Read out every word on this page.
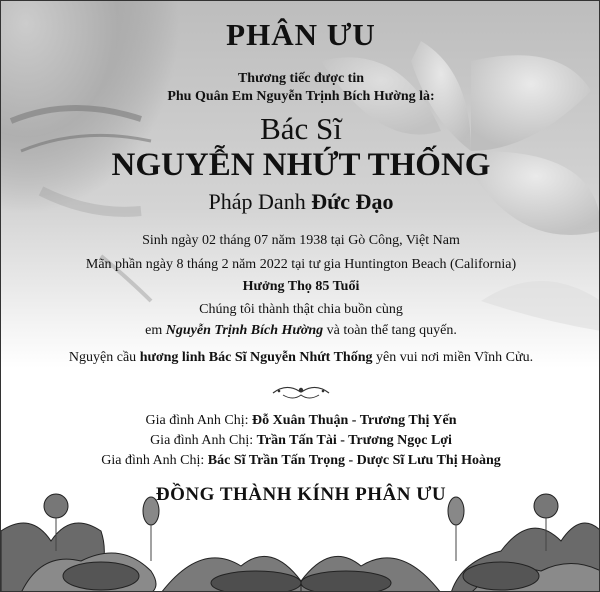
PHÂN ƯU
Thương tiếc được tin
Phu Quân Em Nguyễn Trịnh Bích Hường là:
Bác Sĩ
NGUYỄN NHỨT THỐNG
Pháp Danh Đức Đạo
Sinh ngày 02 tháng 07 năm 1938 tại Gò Công, Việt Nam
Mãn phần ngày 8 tháng 2 năm 2022 tại tư gia Huntington Beach (California)
Hưởng Thọ 85 Tuổi
Chúng tôi thành thật chia buồn cùng
em Nguyễn Trịnh Bích Hường và toàn thể tang quyến.
Nguyện cầu hương linh Bác Sĩ Nguyễn Nhứt Thống yên vui nơi miền Vĩnh Cửu.
Gia đình Anh Chị: Đỗ Xuân Thuận - Trương Thị Yến
Gia đình Anh Chị: Trần Tấn Tài - Trương Ngọc Lợi
Gia đình Anh Chị: Bác Sĩ Trần Tấn Trọng - Dược Sĩ Lưu Thị Hoàng
ĐỒNG THÀNH KÍNH PHÂN ƯU
